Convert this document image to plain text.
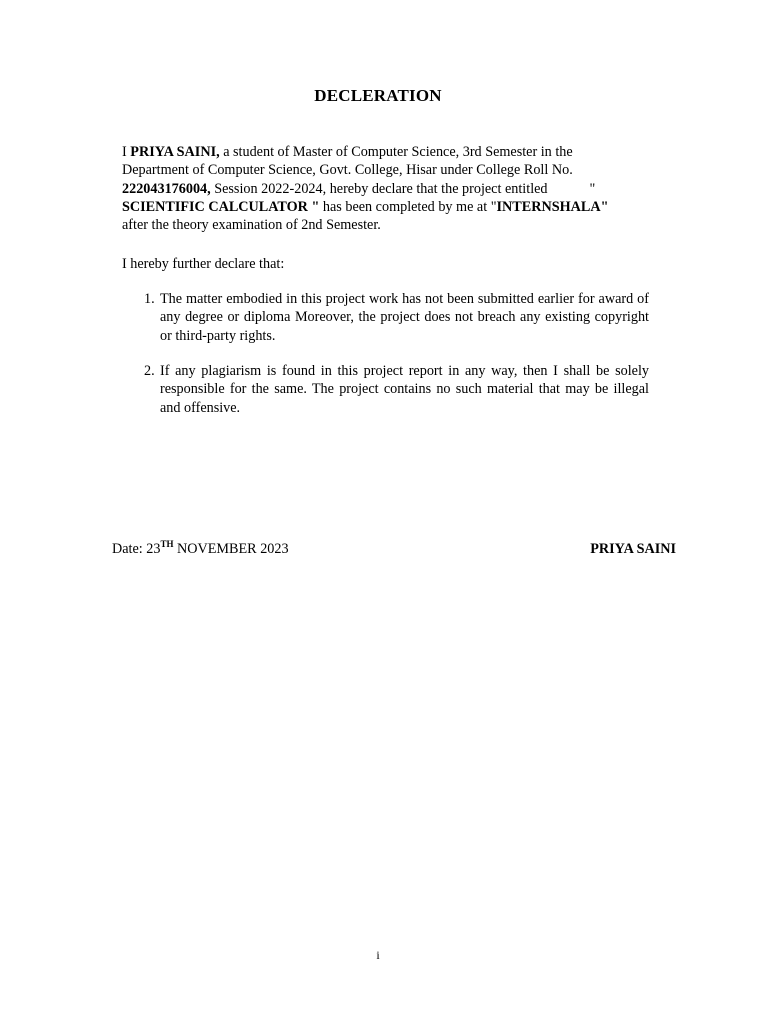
DECLERATION
I PRIYA SAINI, a student of Master of Computer Science, 3rd Semester in the
Department of Computer Science, Govt. College, Hisar under College Roll No.
222043176004, Session 2022-2024, hereby declare that the project entitled	"
SCIENTIFIC CALCULATOR " has been completed by me at "INTERNSHALA"
after the theory examination of 2nd Semester.
I hereby further declare that:
1. The matter embodied in this project work has not been submitted earlier for award of any degree or diploma Moreover, the project does not breach any existing copyright or third-party rights.
2. If any plagiarism is found in this project report in any way, then I shall be solely responsible for the same. The project contains no such material that may be illegal and offensive.
Date: 23TH NOVEMBER 2023	PRIYA SAINI
i
